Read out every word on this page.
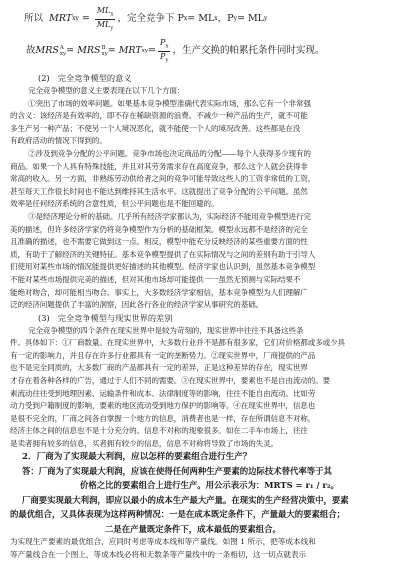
所以 MRT xy = $\frac{ML_x}{ML_y}$ ，完全竞争下 P x = ML x ，P y = ML y
故 MRS A
xy = MRS B
xy = MRT xy = $\frac{P_x}{P_y}$ ，生产交换的帕累托条件同时实现。
(2)　完全竞争模型的意义
完全竞争模型的意义主要表现在以下几个方面：
①突出了市场的效率问题。如果基本竞争模型准确代表实际市场，那么它有一个非常强
的含义：该经济是有效率的，即不存在稀缺资源的浪费。不减少一种产品的生产，就不可能
多生产另一种产品；不使另一个人境况恶化，就不能使一个人的境况改善。这些都是在没
有政府活动的情况下得到的。
②涉及到竞争分配的公平问题。竞争市场也决定商品的分配——每个人获得多少现有的
商品。如果一个人具有特殊技能，并且对其劳务需求存在高度竞争，那么这个人就会获得非
常高的收入。另一方面，非熟练劳动供给者之间的竞争可能导致这些人的工资非常低的工资，
甚至每天工作很长时间也不能达到维持其生活水平。这就提出了竞争分配的公平问题。虽然
效率是任何经济系统的合意性质，但公平问题也是不能回避的。
③是经济理论分析的基础。几乎所有经济学家都认为，实际经济不能用竞争模型进行完
美的描述，但许多经济学家仍将竞争模型作为分析的基础框架。模型永远都不是经济的完全
且准确的描述，也不需要它做到这一点。相反，模型中能充分反映经济的某些重要方面的性
质，有助于了解经济的关键特征。基本竞争模型提供了在实际情况与之间的差别有助于引导人
们使用对某些市场的情况能提供更好描述的其他模型。经济学家也认识到，虽然基本竞争模型
不能对某些市场提供完美的描述，但对其他市场却可能提供一一虽然无预测与实际结果不
能绝对吻合，却可能相当吻合。事实上，大多数经济学家相信，基本竞争模型为人们理解广
泛的经济问题提供了丰富的洞察，因此各行各业的经济学家从事研究的基础。
(3)　完全竞争模型与现实世界的差别
完全竞争模型的四个条件在现实世界中是较为苛刻的，现实世界中往往不具备这些条
件。具体如下：①厂商数量。在现实世界中，大多数行业并不是都有很多家，它们对价格都或多或少具
有一定的影响力，并且存在许多行业都具有一定的垄断势力。②现实世界中，厂商提供的产品
也不是完全同质的，大多数厂商的产品都具有一定的差异，正是这种差异的存在，现实世界
才存在着各种各样的广告，通过于人们不同的需要。③在现实世界中，要素也不是自由流动的。要
素流动往往受到地理因素、运输条件和成本、法律制度等的影响，往往不能自由流动。比如劳
动力受到户籍制度的影响，要素的地区流动受到地方保护的影响等。④在现实世界中，信息也
是很不完全的，厂商之间各自掌握一个地方的信息，消费者也是一样，存在所谓信息不对称，
经济主体之间的信息也不是十分充分的。信息不对称的现象很多。如在二手车市场上，往往
是卖者拥有较多的信息，买者拥有较少的信息，信息不对称将导致了市场的失灵。
2．厂商为了实现最大利润，应以怎样的要素组合进行生产？
答：厂商为了实现最大利润，应该在使得任何两种生产要素的边际技术替代率等于其
价格之比的要素组合上进行生产。用公示表示为：MRTS = r₁ / r₂。
厂商要实现最大利润，即应以最小的成本生产最大产量。在现实的生产经营决策中，要素
的最优组合，又具体表现为这样两种情况：一是在成本既定条件下，产量最大的要素组合；
二是在产量既定条件下，成本最低的要素组合。
为实现生产要素的最优组合，应同时考虑等成本线和等产量线。如图 1 所示，把等成本线和
等产量线合在一个图上，等成本线必将和无数条等产量线中的一条相切，这一切点就表示
